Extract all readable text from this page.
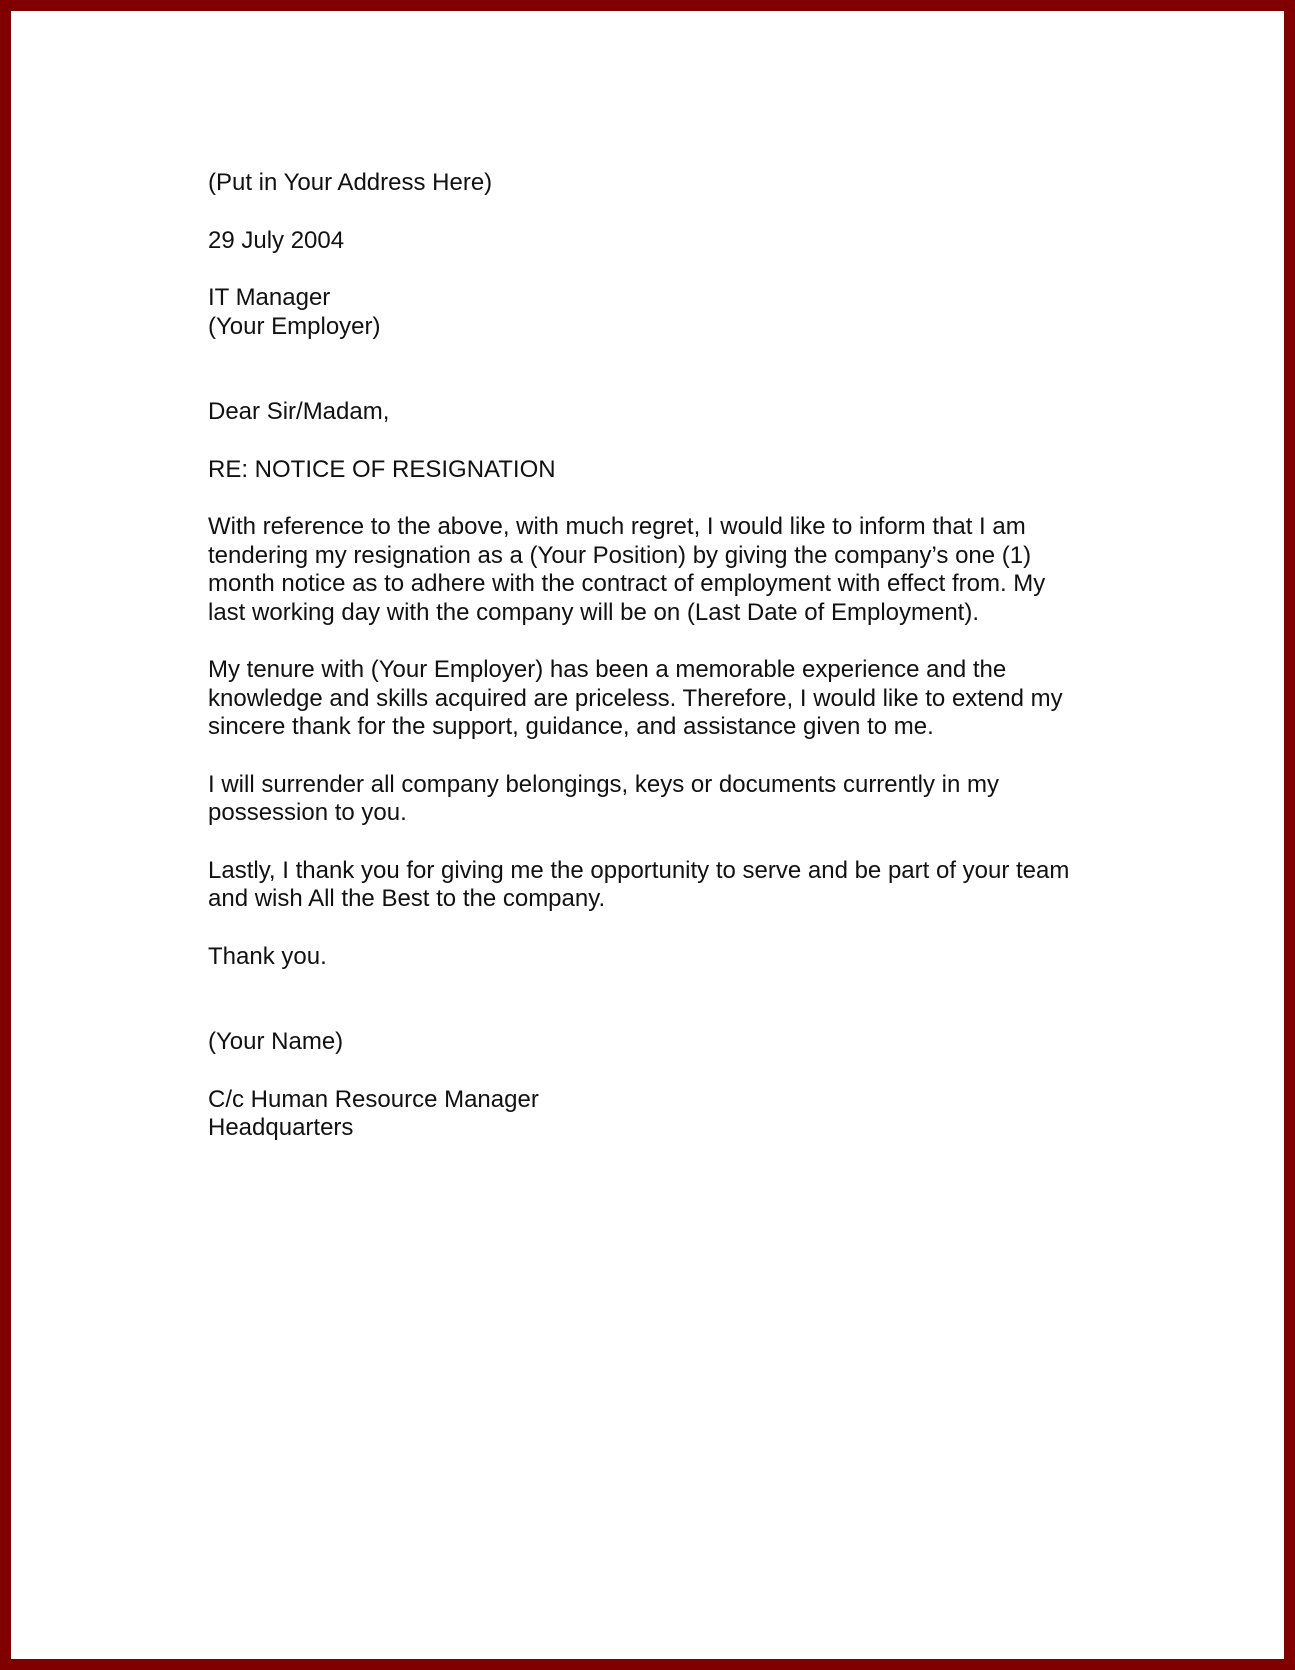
(Put in Your Address Here)
29 July 2004
IT Manager
(Your Employer)
Dear Sir/Madam,
RE: NOTICE OF RESIGNATION
With reference to the above, with much regret, I would like to inform that I am
tendering my resignation as a (Your Position) by giving the company’s one (1)
month notice as to adhere with the contract of employment with effect from. My
last working day with the company will be on (Last Date of Employment).
My tenure with (Your Employer) has been a memorable experience and the
knowledge and skills acquired are priceless. Therefore, I would like to extend my
sincere thank for the support, guidance, and assistance given to me.
I will surrender all company belongings, keys or documents currently in my
possession to you.
Lastly, I thank you for giving me the opportunity to serve and be part of your team
and wish All the Best to the company.
Thank you.
(Your Name)
C/c Human Resource Manager
Headquarters
